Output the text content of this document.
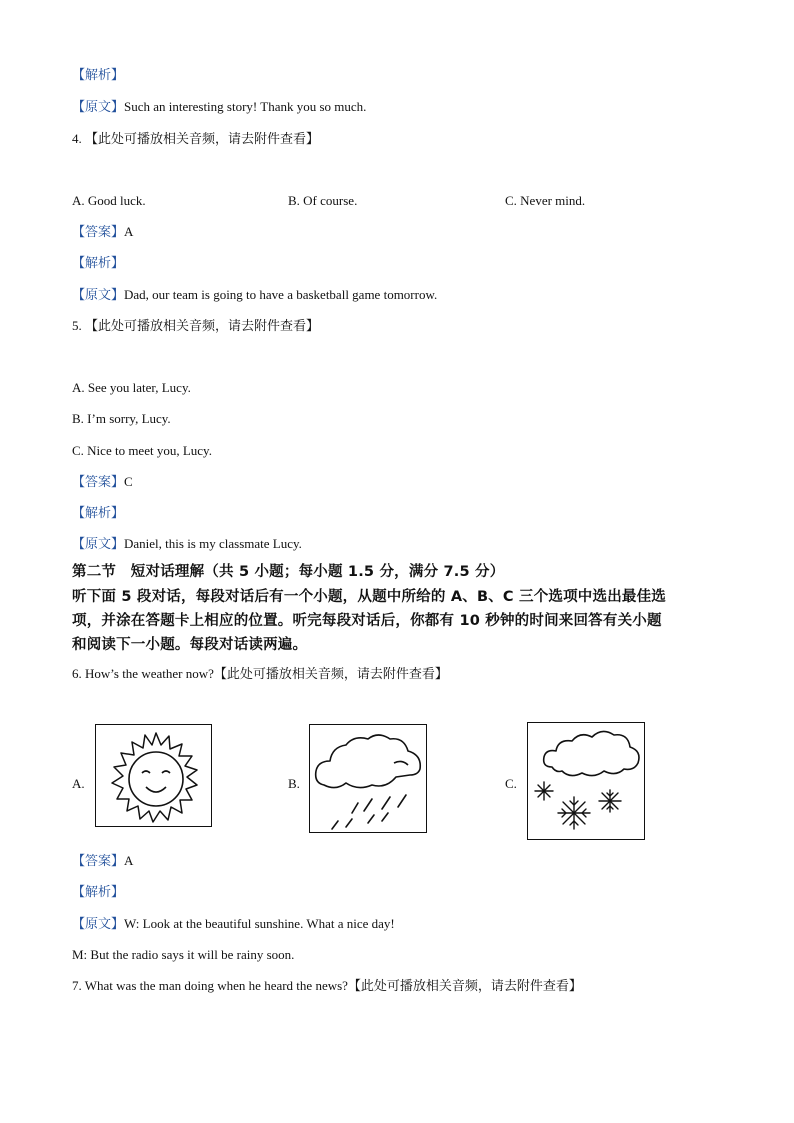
【解析】
【原文】Such an interesting story! Thank you so much.
4. 【此处可播放相关音频，请去附件查看】
A. Good luck.	B. Of course.	C. Never mind.
【答案】A
【解析】
【原文】Dad, our team is going to have a basketball game tomorrow.
5. 【此处可播放相关音频，请去附件查看】
A. See you later, Lucy.
B. I’m sorry, Lucy.
C. Nice to meet you, Lucy.
【答案】C
【解析】
【原文】Daniel, this is my classmate Lucy.
第二节　短对话理解（共 5 小题；每小题 1.5 分，满分 7.5 分）
听下面 5 段对话，每段对话后有一个小题，从题中所给的 A、B、C 三个选项中选出最佳选
项，并涂在答题卡上相应的位置。听完每段对话后，你都有 10 秒钟的时间来回答有关小题
和阅读下一小题。每段对话读两遍。
6. How’s the weather now?【此处可播放相关音频，请去附件查看】
A.	B.	C.
【答案】A
【解析】
【原文】W: Look at the beautiful sunshine. What a nice day!
M: But the radio says it will be rainy soon.
7. What was the man doing when he heard the news?【此处可播放相关音频，请去附件查看】
